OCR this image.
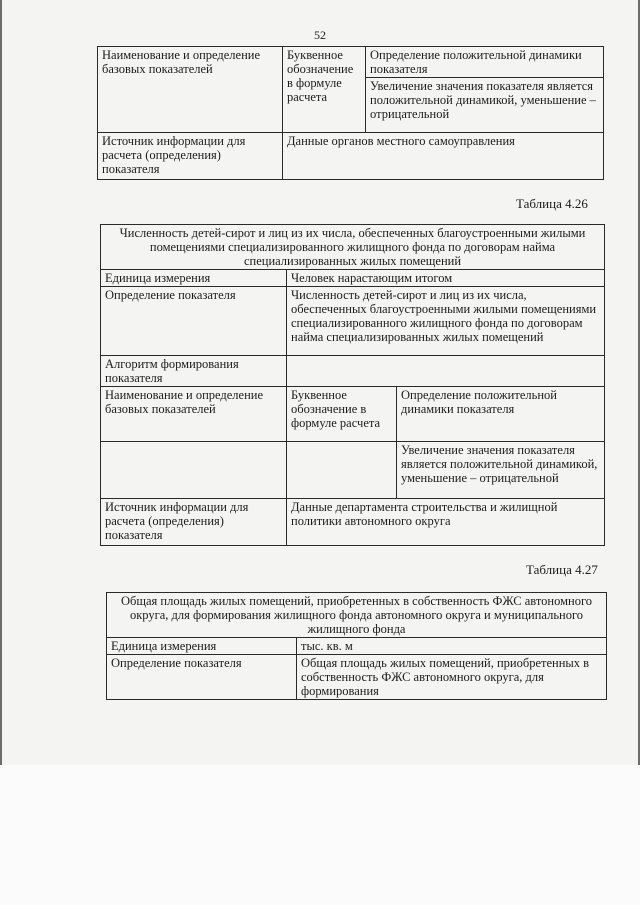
52
Наименование и определение базовых показателей	Буквенное обозначение в формуле расчета	Определение положительной динамики показателя
		Увеличение значения показателя является положительной динамикой, уменьшение – отрицательной
Источник информации для расчета (определения) показателя	Данные органов местного самоуправления	
Таблица 4.26
Численность детей-сирот и лиц из их числа, обеспеченных благоустроенными жилыми помещениями специализированного жилищного фонда по договорам найма специализированных жилых помещений		
Единица измерения	Человек нарастающим итогом	
Определение показателя	Численность детей-сирот и лиц из их числа, обеспеченных благоустроенными жилыми помещениями специализированного жилищного фонда по договорам найма специализированных жилых помещений	
Алгоритм формирования показателя		
Наименование и определение базовых показателей	Буквенное обозначение в формуле расчета	Определение положительной динамики показателя
		Увеличение значения показателя является положительной динамикой, уменьшение – отрицательной
Источник информации для расчета (определения) показателя	Данные департамента строительства и жилищной политики автономного округа	
Таблица 4.27
Общая площадь жилых помещений, приобретенных в собственность ФЖС автономного округа, для формирования жилищного фонда автономного округа и муниципального жилищного фонда	
Единица измерения	тыс. кв. м
Определение показателя	Общая площадь жилых помещений, приобретенных в собственность ФЖС автономного округа, для формирования
